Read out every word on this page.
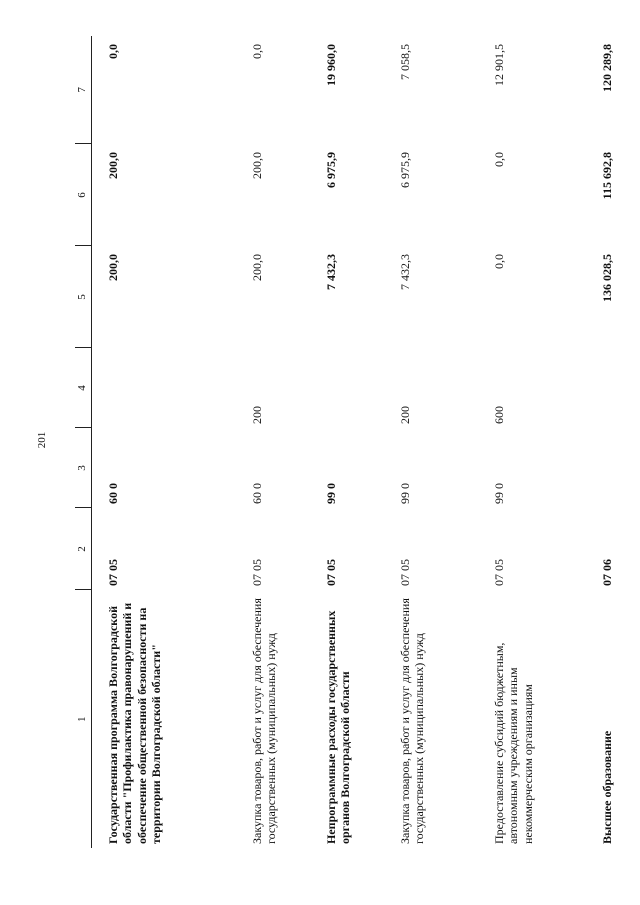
201
1	2	3	4	5	6	7
Государственная программа Волгоградской области "Профилактика правонарушений и обеспечение общественной безопасности на территории Волгоградской области"	07 05	60 0		200,0	200,0	0,0
Закупка товаров, работ и услуг для обеспечения государственных (муниципальных) нужд	07 05	60 0	200	200,0	200,0	0,0
Непрограммные расходы государственных органов Волгоградской области	07 05	99 0		7 432,3	6 975,9	19 960,0
Закупка товаров, работ и услуг для обеспечения государственных (муниципальных) нужд	07 05	99 0	200	7 432,3	6 975,9	7 058,5
Предоставление субсидий бюджетным, автономным учреждениям и иным некоммерческим организациям	07 05	99 0	600	0,0	0,0	12 901,5
Высшее образование	07 06			136 028,5	115 692,8	120 289,8
